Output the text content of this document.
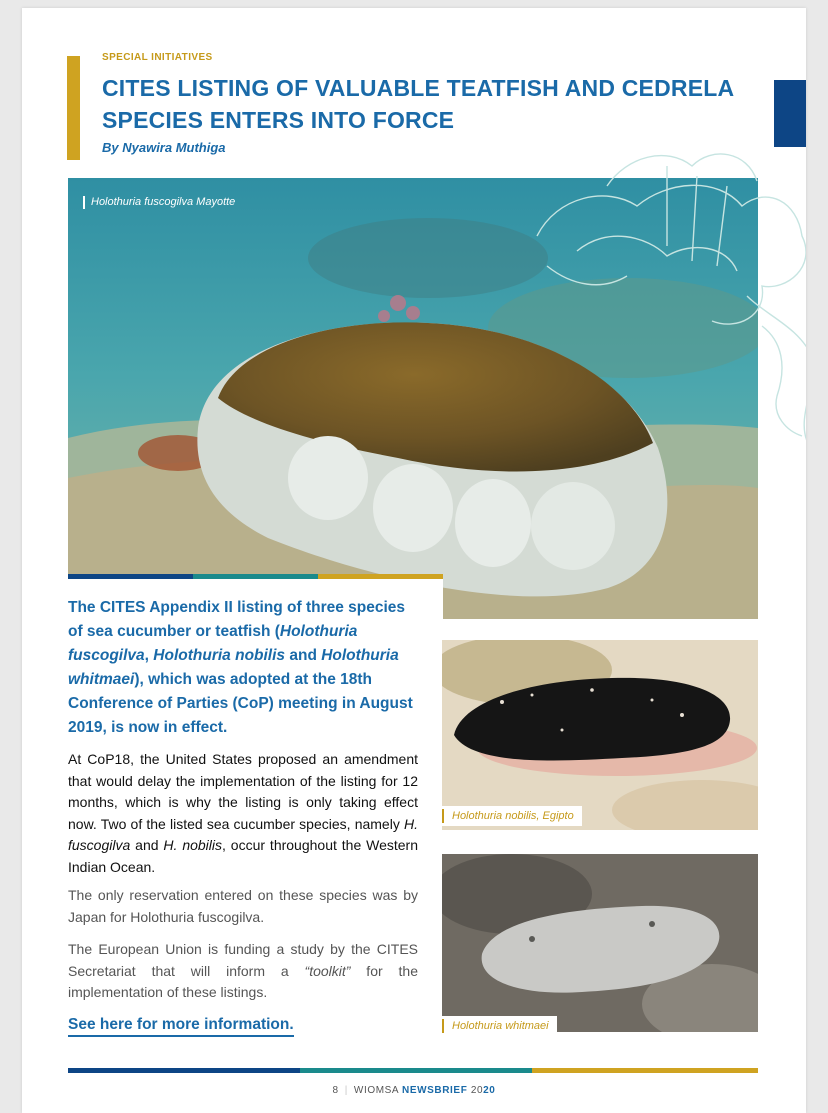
SPECIAL INITIATIVES
CITES LISTING OF VALUABLE TEATFISH AND CEDRELA SPECIES ENTERS INTO FORCE
By Nyawira Muthiga
Holothuria fuscogilva Mayotte
The CITES Appendix II listing of three species of sea cucumber or teatfish (Holothuria fuscogilva, Holothuria nobilis and Holothuria whitmaei), which was adopted at the 18th Conference of Parties (CoP) meeting in August 2019, is now in effect.
At CoP18, the United States proposed an amendment that would delay the implementation of the listing for 12 months, which is why the listing is only taking effect now. Two of the listed sea cucumber species, namely H. fuscogilva and H. nobilis, occur throughout the Western Indian Ocean.
The only reservation entered on these species was by Japan for Holothuria fuscogilva.
The European Union is funding a study by the CITES Secretariat that will inform a “toolkit” for the implementation of these listings.
See here for more information.
Holothuria nobilis, Egipto
Holothuria whitmaei
8 | WIOMSA NEWSBRIEF 2020
